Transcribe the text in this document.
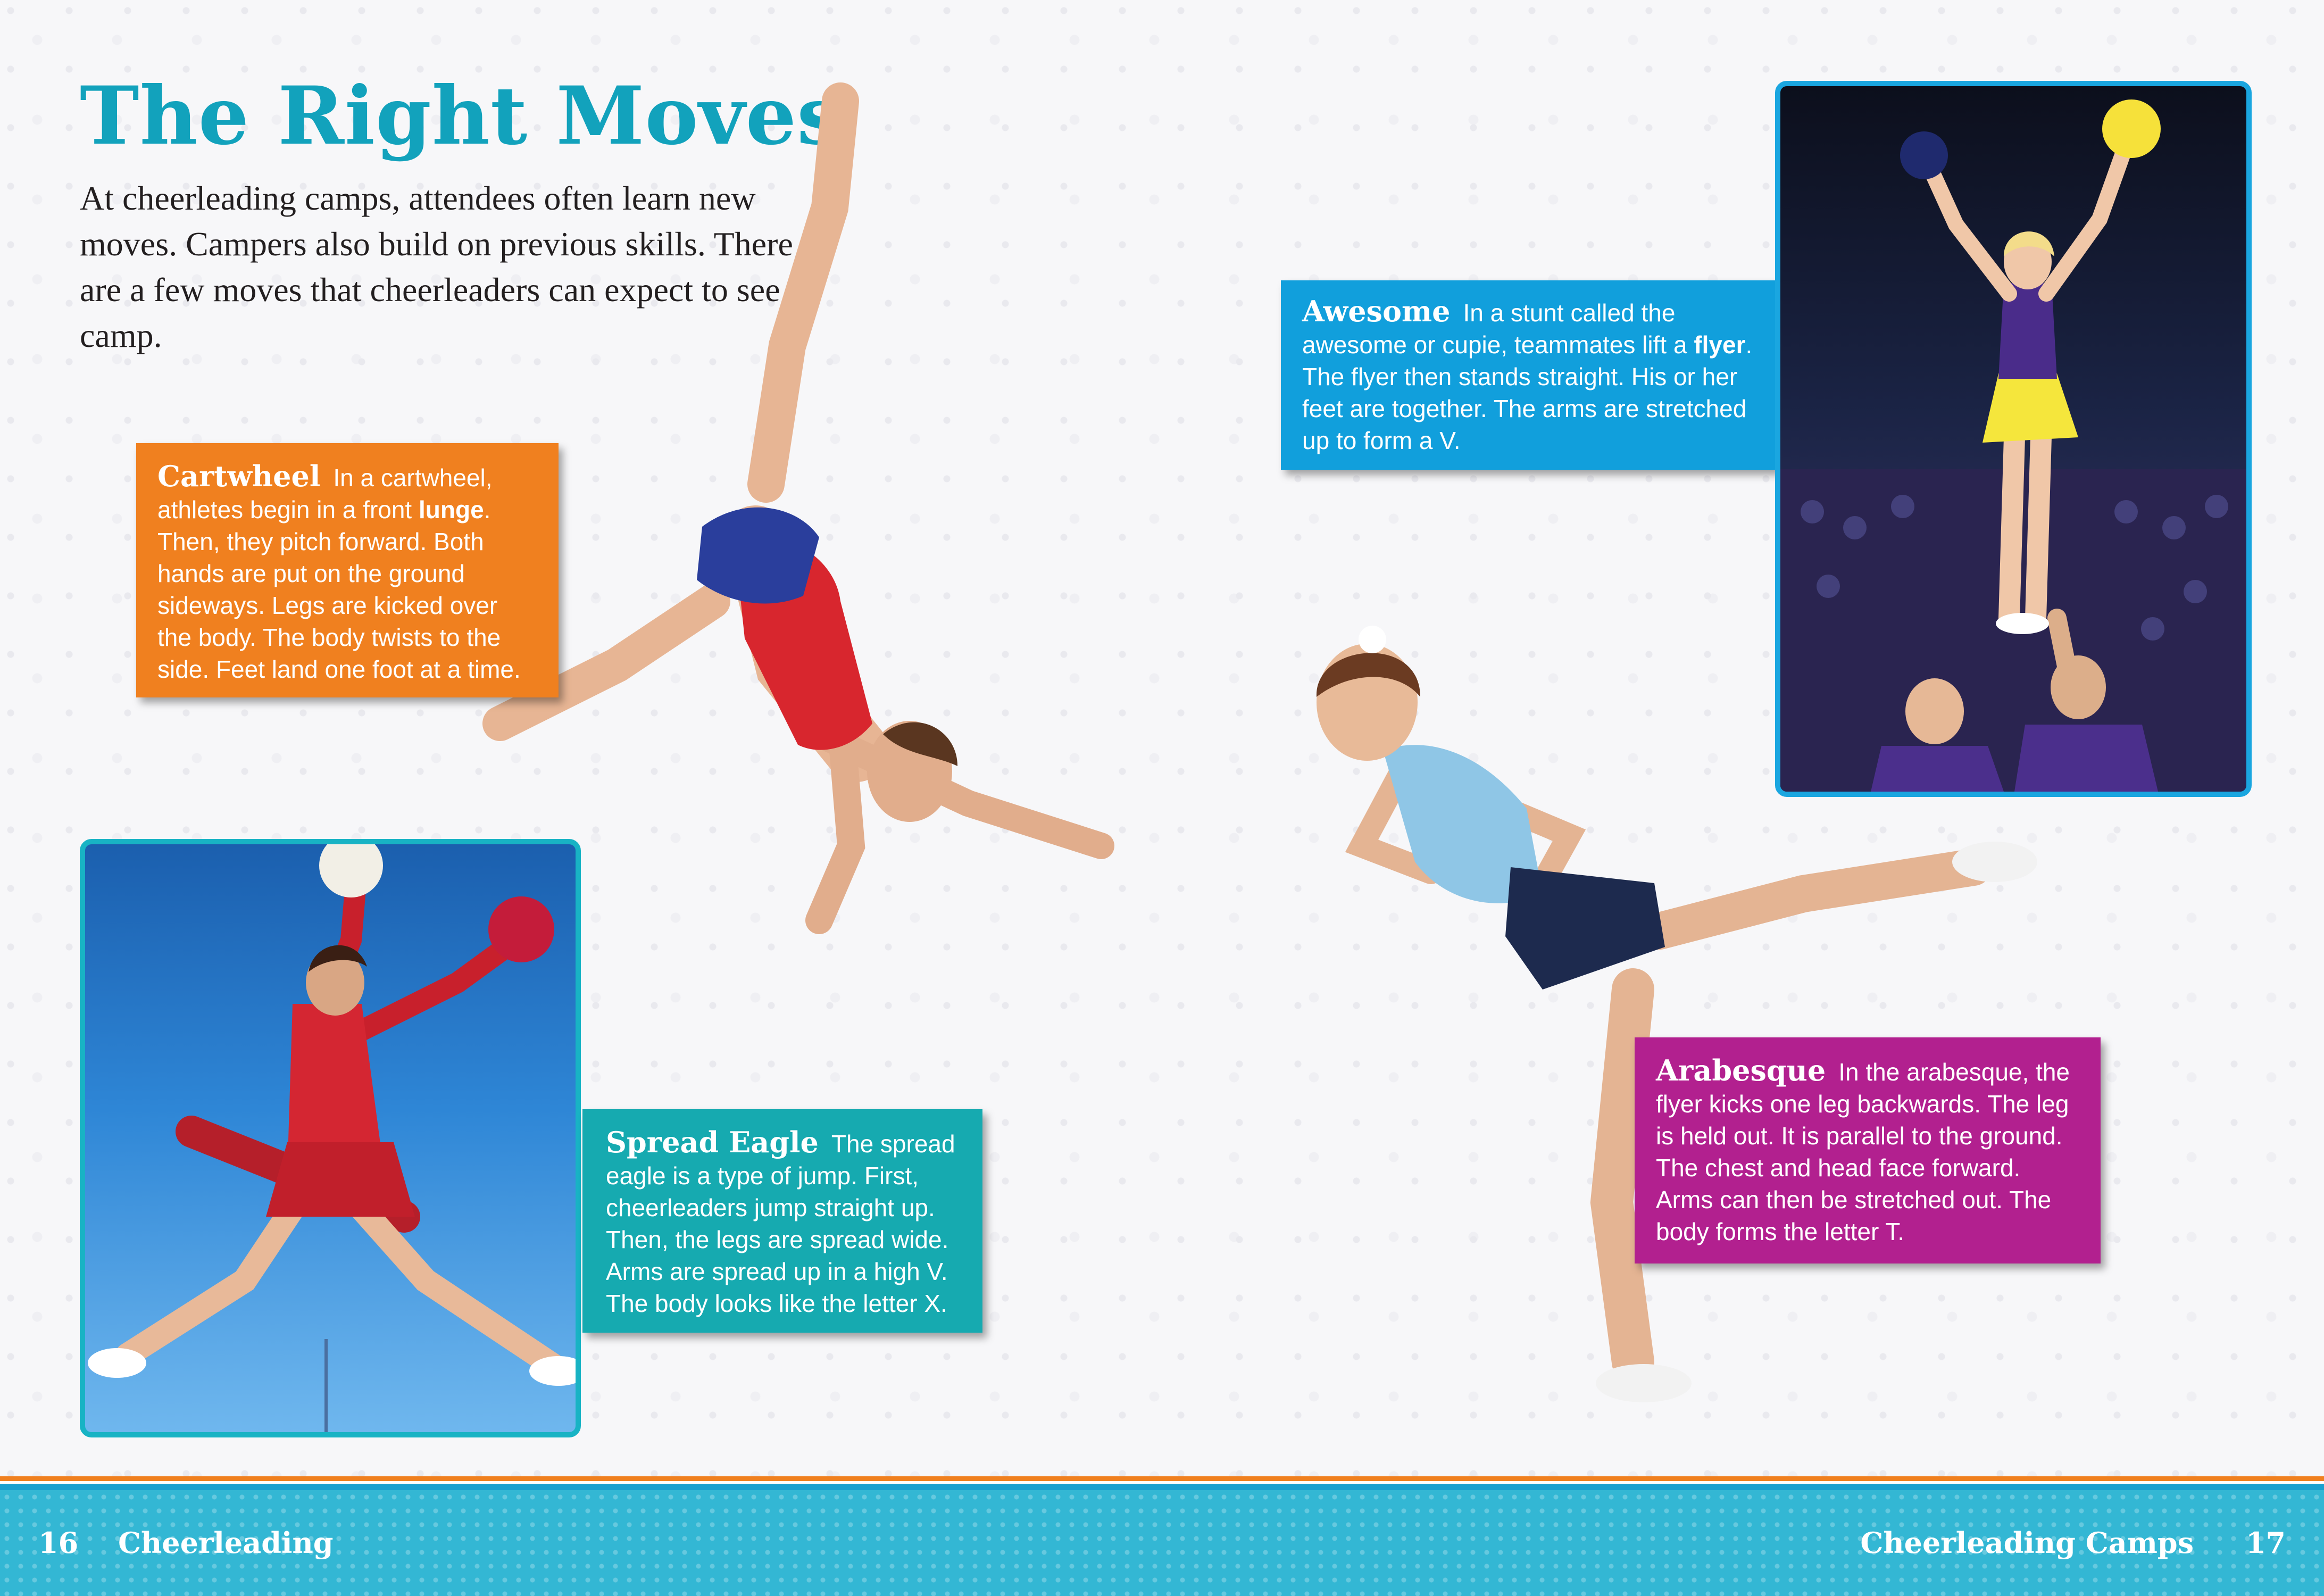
The Right Moves
At cheerleading camps, attendees often learn new moves. Campers also build on previous skills. There are a few moves that cheerleaders can expect to see at camp.
Cartwheel In a cartwheel, athletes begin in a front lunge. Then, they pitch forward. Both hands are put on the ground sideways. Legs are kicked over the body. The body twists to the side. Feet land one foot at a time.
Spread Eagle The spread eagle is a type of jump. First, cheerleaders jump straight up. Then, the legs are spread wide. Arms are spread up in a high V. The body looks like the letter X.
Awesome In a stunt called the awesome or cupie, teammates lift a flyer. The flyer then stands straight. His or her feet are together. The arms are stretched up to form a V.
Arabesque In the arabesque, the flyer kicks one leg backwards. The leg is held out. It is parallel to the ground. The chest and head face forward. Arms can then be stretched out. The body forms the letter T.
16 Cheerleading	Cheerleading Camps 17
